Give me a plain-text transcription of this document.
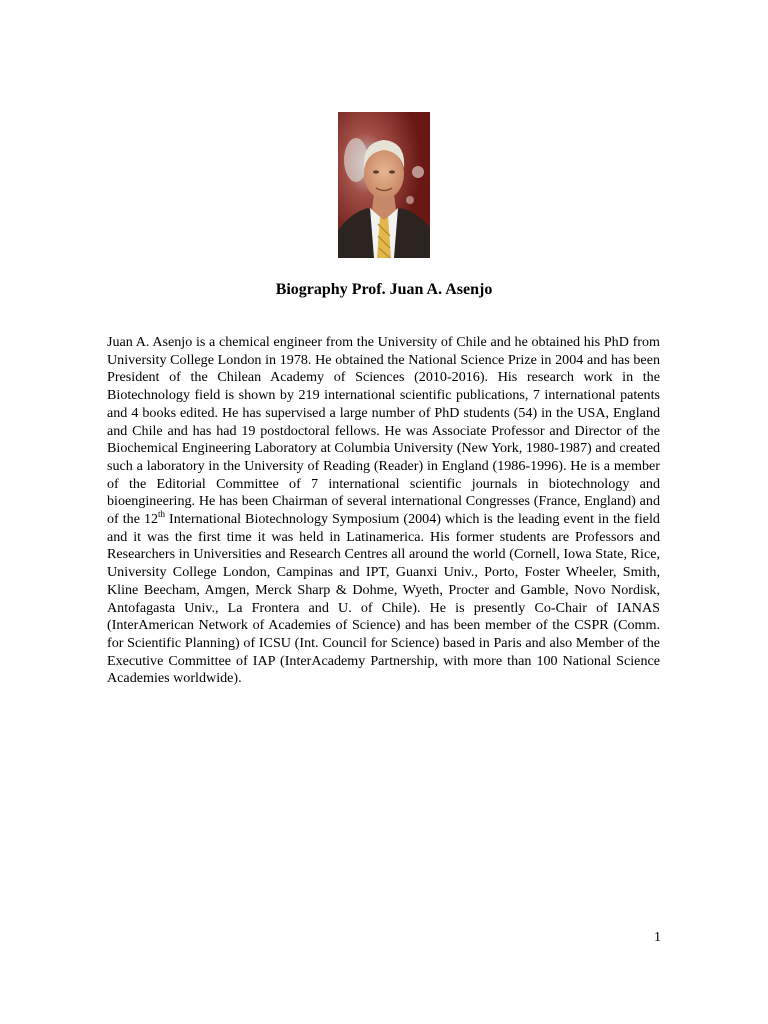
Biography Prof. Juan A. Asenjo

Juan A. Asenjo is a chemical engineer from the University of Chile and he obtained his PhD from University College London in 1978. He obtained the National Science Prize in 2004 and has been President of the Chilean Academy of Sciences (2010-2016). His research work in the Biotechnology field is shown by 219 international scientific publications, 7 international patents and 4 books edited. He has supervised a large number of PhD students (54) in the USA, England and Chile and has had 19 postdoctoral fellows. He was Associate Professor and Director of the Biochemical Engineering Laboratory at Columbia University (New York, 1980-1987) and created such a laboratory in the University of Reading (Reader) in England (1986-1996). He is a member of the Editorial Committee of 7 international scientific journals in biotechnology and bioengineering. He has been Chairman of several international Congresses (France, England) and of the 12th International Biotechnology Symposium (2004) which is the leading event in the field and it was the first time it was held in Latinamerica. His former students are Professors and Researchers in Universities and Research Centres all around the world (Cornell, Iowa State, Rice, University College London, Campinas and IPT, Guanxi Univ., Porto, Foster Wheeler, Smith, Kline Beecham, Amgen, Merck Sharp & Dohme, Wyeth, Procter and Gamble, Novo Nordisk, Antofagasta Univ., La Frontera and U. of Chile). He is presently Co-Chair of IANAS (InterAmerican Network of Academies of Science) and has been member of the CSPR (Comm. for Scientific Planning) of ICSU (Int. Council for Science) based in Paris and also Member of the Executive Committee of IAP (InterAcademy Partnership, with more than 100 National Science Academies worldwide).

1
